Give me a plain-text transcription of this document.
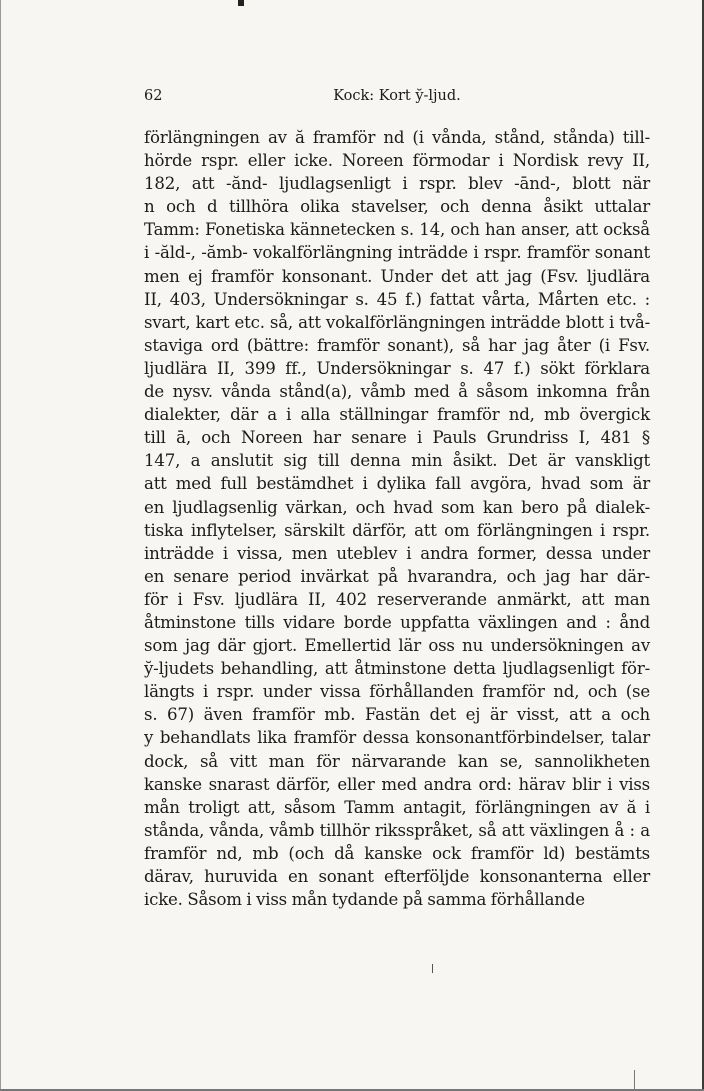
62	Kock: Kort y̆-ljud.
förlängningen av ă framför nd (i vånda, stånd, stånda) till-
hörde rspr. eller icke. Noreen förmodar i Nordisk revy II,
182, att -ănd- ljudlagsenligt i rspr. blev -ānd-, blott när
n och d tillhöra olika stavelser, och denna åsikt uttalar
Tamm: Fonetiska kännetecken s. 14, och han anser, att också
i -ăld-, -ămb- vokalförlängning inträdde i rspr. framför sonant
men ej framför konsonant. Under det att jag (Fsv. ljudlära
II, 403, Undersökningar s. 45 f.) fattat vårta, Mårten etc. :
svart, kart etc. så, att vokalförlängningen inträdde blott i två-
staviga ord (bättre: framför sonant), så har jag åter (i Fsv.
ljudlära II, 399 ff., Undersökningar s. 47 f.) sökt förklara
de nysv. vånda stånd(a), våmb med å såsom inkomna från
dialekter, där a i alla ställningar framför nd, mb övergick
till ā, och Noreen har senare i Pauls Grundriss I, 481 §
147, a anslutit sig till denna min åsikt. Det är vanskligt
att med full bestämdhet i dylika fall avgöra, hvad som är
en ljudlagsenlig värkan, och hvad som kan bero på dialek-
tiska inflytelser, särskilt därför, att om förlängningen i rspr.
inträdde i vissa, men uteblev i andra former, dessa under
en senare period invärkat på hvarandra, och jag har där-
för i Fsv. ljudlära II, 402 reserverande anmärkt, att man
åtminstone tills vidare borde uppfatta växlingen and : ånd
som jag där gjort. Emellertid lär oss nu undersökningen av
y̆-ljudets behandling, att åtminstone detta ljudlagsenligt för-
längts i rspr. under vissa förhållanden framför nd, och (se
s. 67) även framför mb. Fastän det ej är visst, att a och
y behandlats lika framför dessa konsonantförbindelser, talar
dock, så vitt man för närvarande kan se, sannolikheten
kanske snarast därför, eller med andra ord: härav blir i viss
mån troligt att, såsom Tamm antagit, förlängningen av ă i
stånda, vånda, våmb tillhör riksspråket, så att växlingen å : a
framför nd, mb (och då kanske ock framför ld) bestämts
därav, huruvida en sonant efterföljde konsonanterna eller
icke. Såsom i viss mån tydande på samma förhållande
